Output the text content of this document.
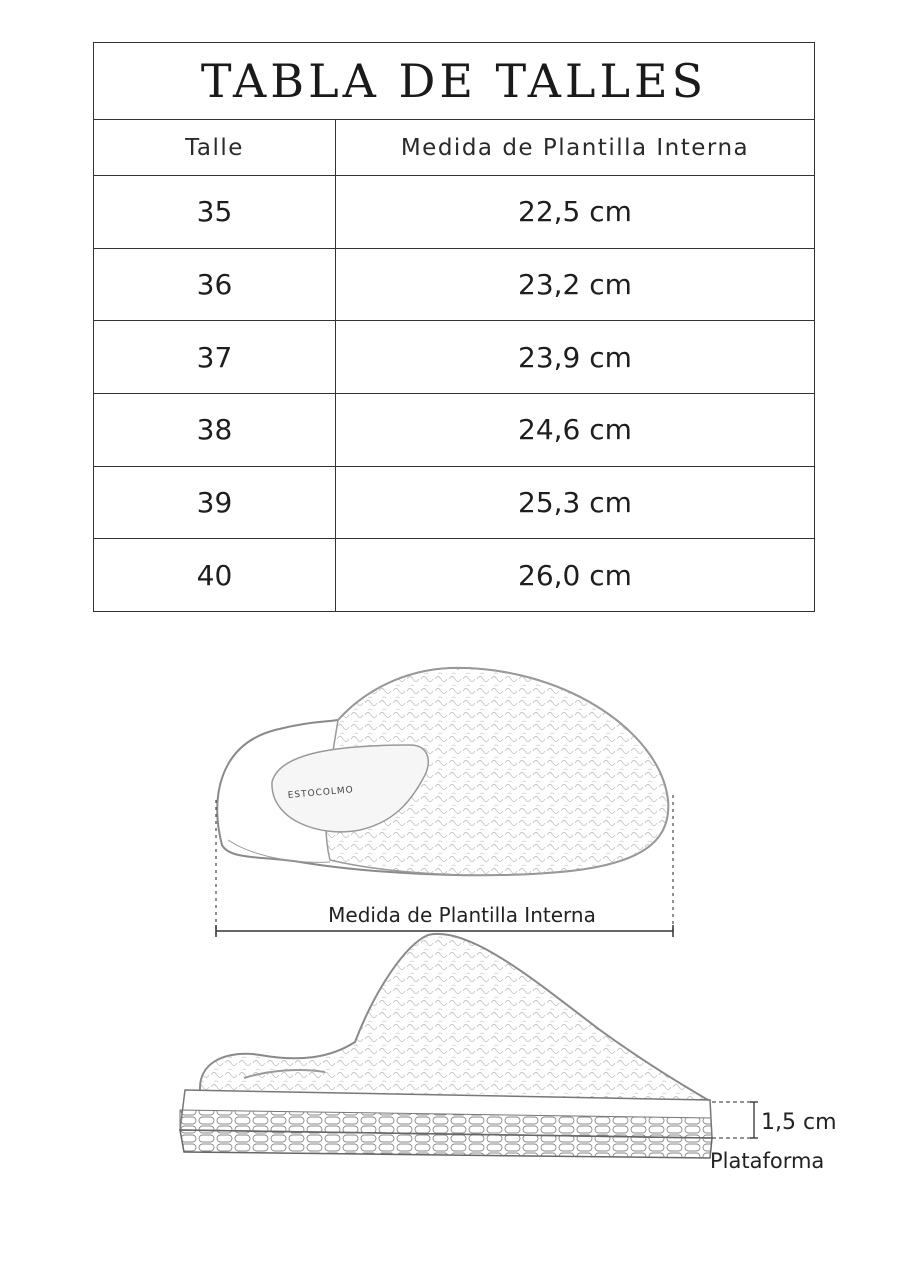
TABLA DE TALLES
Talle	Medida de Plantilla Interna
35	22,5 cm
36	23,2 cm
37	23,9 cm
38	24,6 cm
39	25,3 cm
40	26,0 cm
ESTOCOLMO
Medida de Plantilla Interna
1,5 cm
Plataforma
